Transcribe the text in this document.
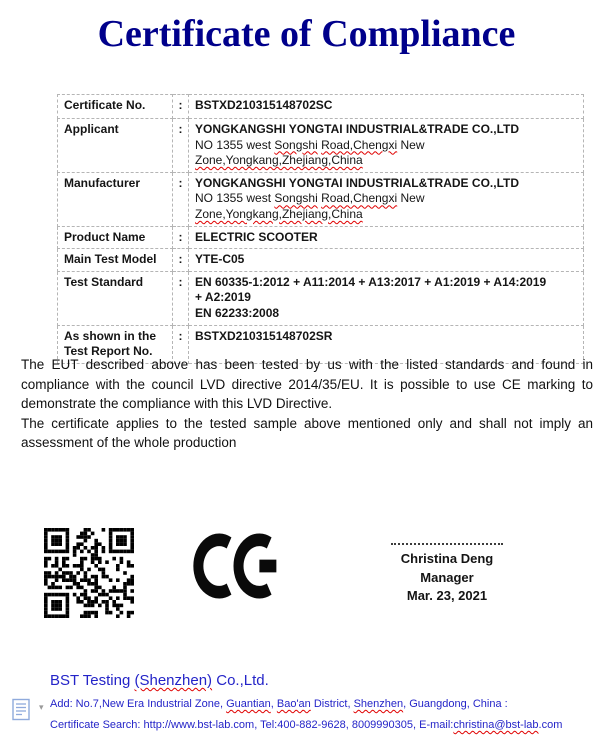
Certificate of Compliance
Certificate No.	:	BSTXD210315148702SC
Applicant	:	YONGKANGSHI YONGTAI INDUSTRIAL&TRADE CO.,LTD
NO 1355 west Songshi Road,Chengxi New
Zone,Yongkang,Zhejiang,China

Manufacturer	:	YONGKANGSHI YONGTAI INDUSTRIAL&TRADE CO.,LTD
NO 1355 west Songshi Road,Chengxi New
Zone,Yongkang,Zhejiang,China

Product Name	:	ELECTRIC SCOOTER
Main Test Model	:	YTE-C05
Test Standard	:	EN 60335-1:2012 + A11:2014 + A13:2017 + A1:2019 + A14:2019
+ A2:2019
EN 62233:2008

As shown in the Test Report No.	:	BSTXD210315148702SR

The EUT described above has been tested by us with the listed standards and found in compliance with the council LVD directive 2014/35/EU. It is possible to use CE marking to demonstrate the compliance with this LVD Directive.

The certificate applies to the tested sample above mentioned only and shall not imply an assessment of the whole production

Christina Deng
Manager
Mar. 23, 2021
BST Testing (Shenzhen) Co.,Ltd.
Add: No.7,New Era Industrial Zone, Guantian, Bao'an District, Shenzhen, Guangdong, China :
Certificate Search: http://www.bst-lab.com, Tel:400-882-9628, 8009990305, E-mail:christina@bst-lab.com
▾
